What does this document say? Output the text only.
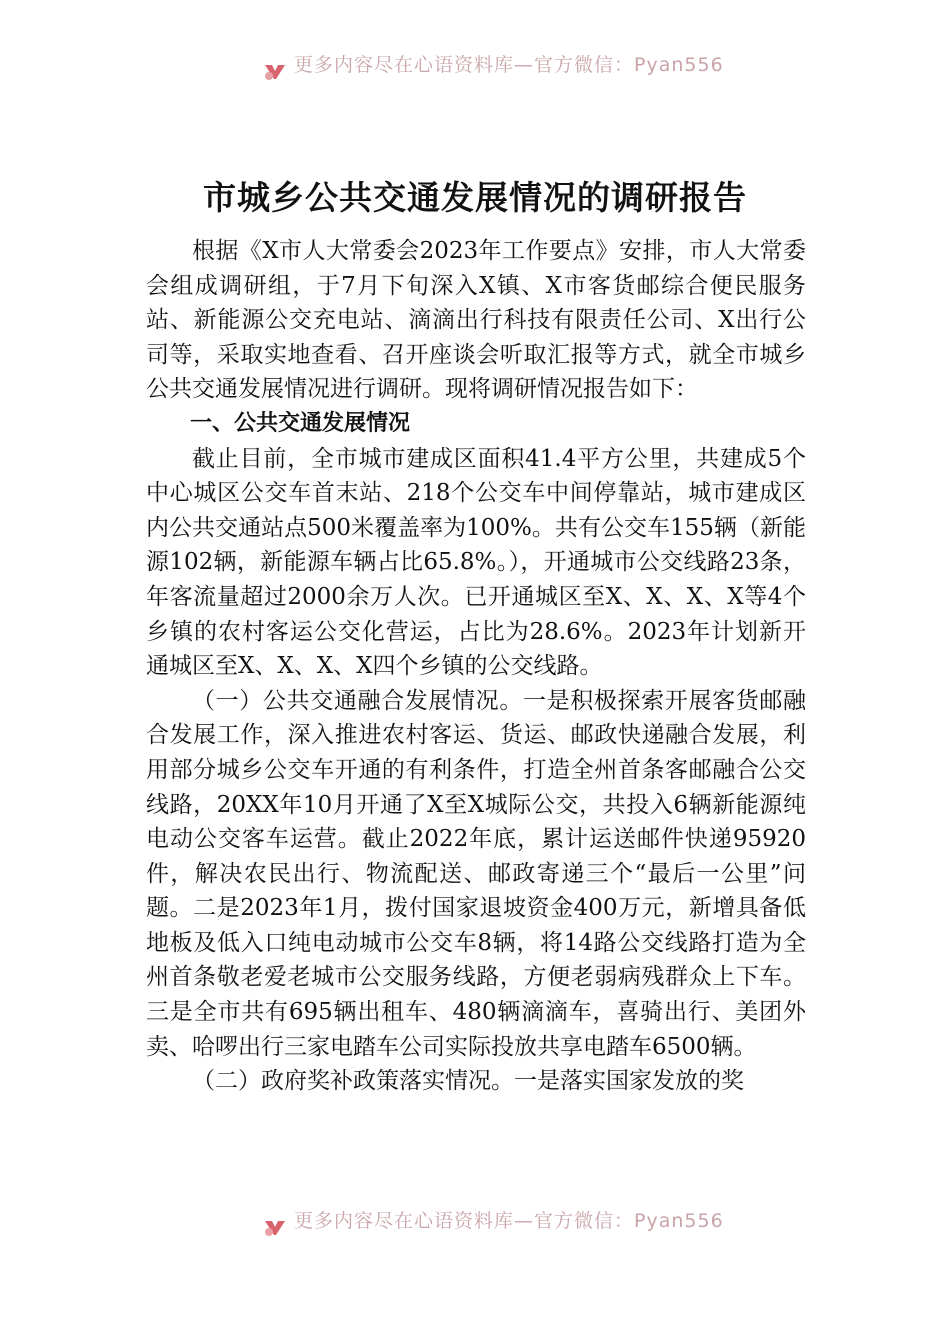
更多内容尽在心语资料库—官方微信：Pyan556
市城乡公共交通发展情况的调研报告

根据《X市人大常委会2023年工作要点》安排，市人大常委会组成调研组，于7月下旬深入X镇、X市客货邮综合便民服务站、新能源公交充电站、滴滴出行科技有限责任公司、X出行公司等，采取实地查看、召开座谈会听取汇报等方式，就全市城乡公共交通发展情况进行调研。现将调研情况报告如下：

一、公共交通发展情况

截止目前，全市城市建成区面积41.4平方公里，共建成5个中心城区公交车首末站、218个公交车中间停靠站，城市建成区内公共交通站点500米覆盖率为100%。共有公交车155辆（新能源102辆，新能源车辆占比65.8%。），开通城市公交线路23条，年客流量超过2000余万人次。已开通城区至X、X、X、X等4个乡镇的农村客运公交化营运，占比为28.6%。2023年计划新开通城区至X、X、X、X四个乡镇的公交线路。

（一）公共交通融合发展情况。一是积极探索开展客货邮融合发展工作，深入推进农村客运、货运、邮政快递融合发展，利用部分城乡公交车开通的有利条件，打造全州首条客邮融合公交线路，20XX年10月开通了X至X城际公交，共投入6辆新能源纯电动公交客车运营。截止2022年底，累计运送邮件快递95920件，解决农民出行、物流配送、邮政寄递三个“最后一公里”问题。二是2023年1月，拨付国家退坡资金400万元，新增具备低地板及低入口纯电动城市公交车8辆，将14路公交线路打造为全州首条敬老爱老城市公交服务线路，方便老弱病残群众上下车。三是全市共有695辆出租车、480辆滴滴车，喜骑出行、美团外卖、哈啰出行三家电踏车公司实际投放共享电踏车6500辆。

（二）政府奖补政策落实情况。一是落实国家发放的奖

更多内容尽在心语资料库—官方微信：Pyan556
